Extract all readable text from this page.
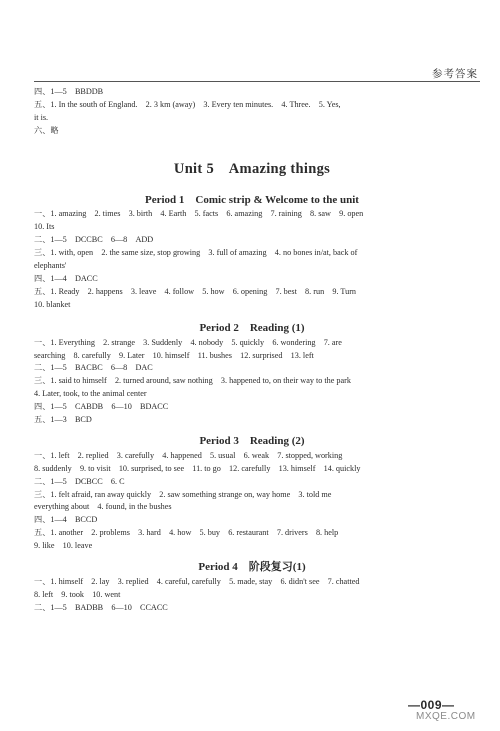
参考答案
四、1—5　BBDDB
五、1. In the south of England.　2. 3 km (away)　3. Every ten minutes.　4. Three.　5. Yes,
it is.
六、略
Unit 5　Amazing things
Period 1　Comic strip & Welcome to the unit
一、1. amazing　2. times　3. birth　4. Earth　5. facts　6. amazing　7. raining　8. saw　9. open
10. Its
二、1—5　DCCBC　6—8　ADD
三、1. with, open　2. the same size, stop growing　3. full of amazing　4. no bones in/at, back of
elephants'
四、1—4　DACC
五、1. Ready　2. happens　3. leave　4. follow　5. how　6. opening　7. best　8. run　9. Turn
10. blanket
Period 2　Reading (1)
一、1. Everything　2. strange　3. Suddenly　4. nobody　5. quickly　6. wondering　7. are
searching　8. carefully　9. Later　10. himself　11. bushes　12. surprised　13. left
二、1—5　BACBC　6—8　DAC
三、1. said to himself　2. turned around, saw nothing　3. happened to, on their way to the park
4. Later, took, to the animal center
四、1—5　CABDB　6—10　BDACC
五、1—3　BCD
Period 3　Reading (2)
一、1. left　2. replied　3. carefully　4. happened　5. usual　6. weak　7. stopped, working
8. suddenly　9. to visit　10. surprised, to see　11. to go　12. carefully　13. himself　14. quickly
二、1—5　DCBCC　6. C
三、1. felt afraid, ran away quickly　2. saw something strange on, way home　3. told me
everything about　4. found, in the bushes
四、1—4　BCCD
五、1. another　2. problems　3. hard　4. how　5. buy　6. restaurant　7. drivers　8. help
9. like　10. leave
Period 4　阶段复习(1)
一、1. himself　2. lay　3. replied　4. careful, carefully　5. made, stay　6. didn't see　7. chatted
8. left　9. took　10. went
二、1—5　BADBB　6—10　CCACC
—009—
MXQE.COM
